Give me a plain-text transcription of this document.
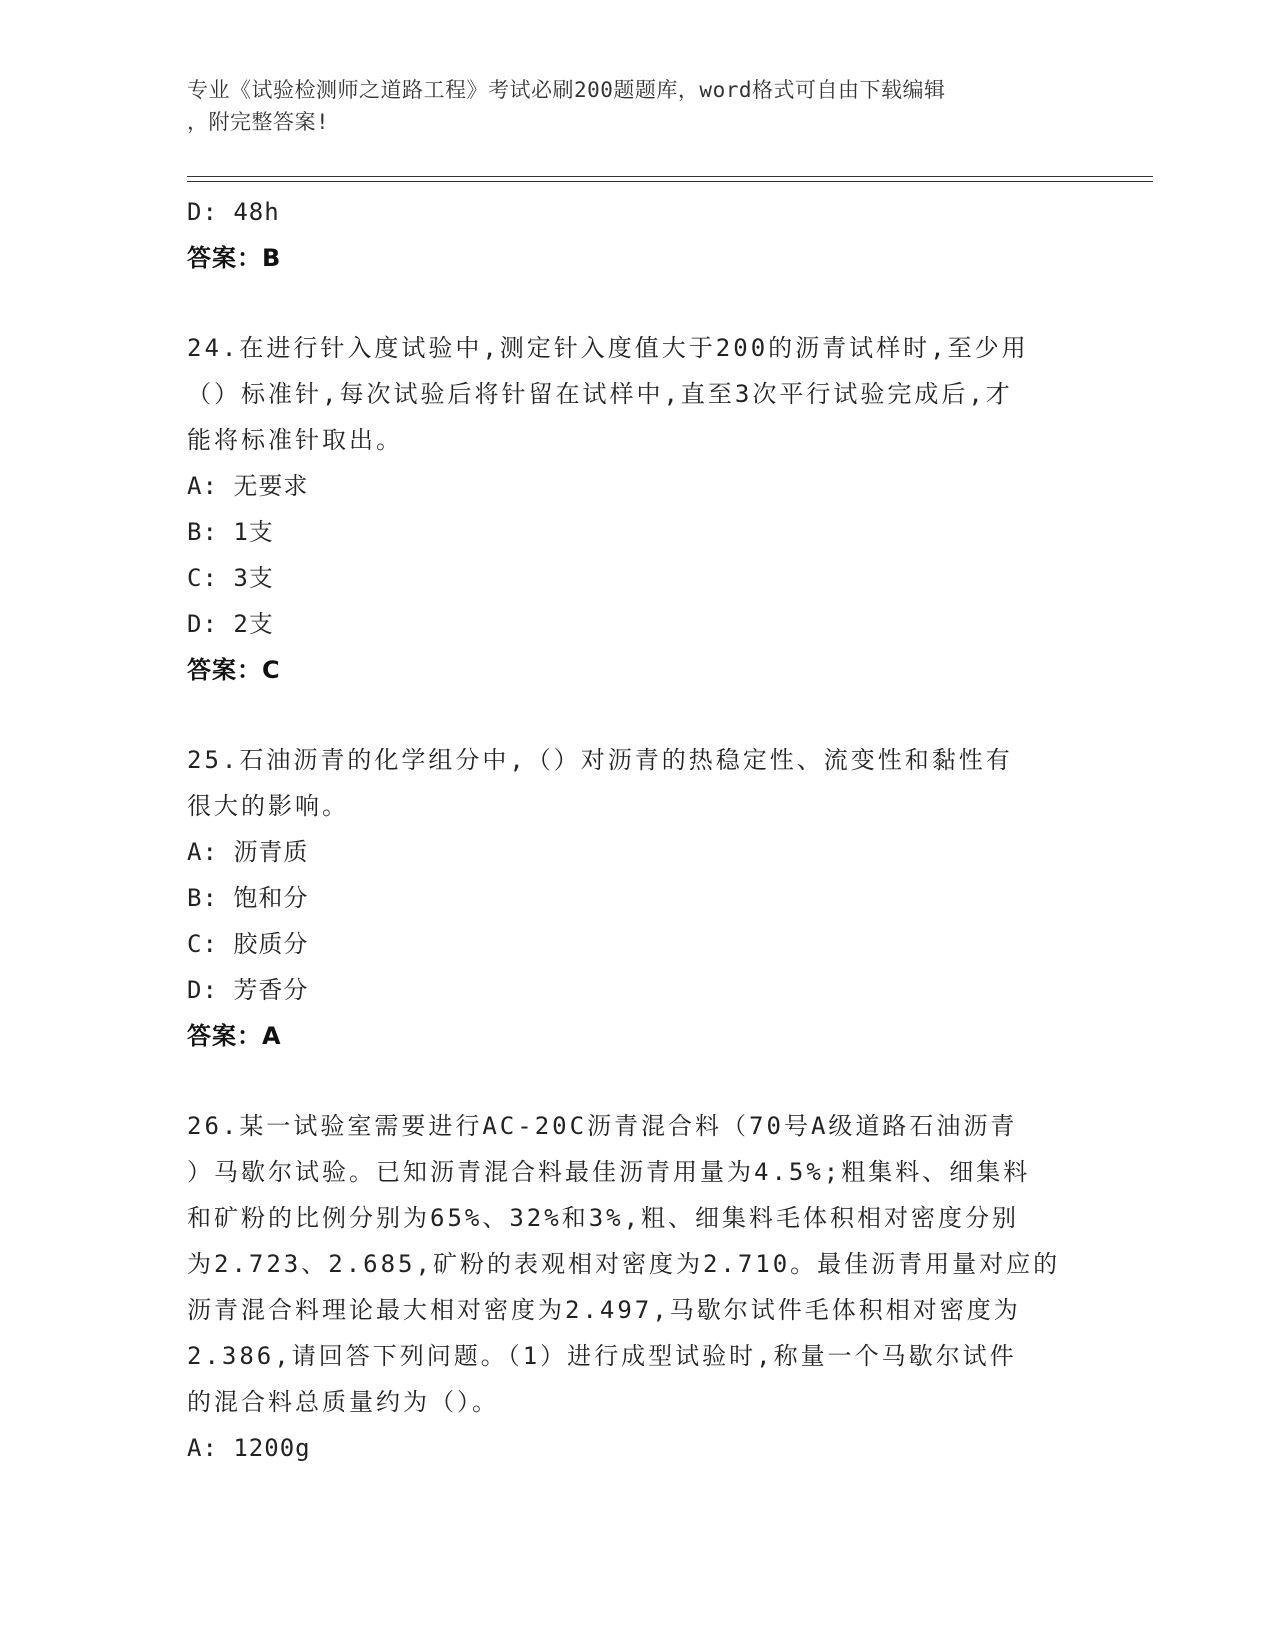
专业《试验检测师之道路工程》考试必刷200题题库，word格式可自由下载编辑
，附完整答案!
D: 48h
答案：B
24.在进行针入度试验中,测定针入度值大于200的沥青试样时,至少用
（）标准针,每次试验后将针留在试样中,直至3次平行试验完成后,才
能将标准针取出。
A: 无要求
B: 1支
C: 3支
D: 2支
答案：C
25.石油沥青的化学组分中,（）对沥青的热稳定性、流变性和黏性有
很大的影响。
A: 沥青质
B: 饱和分
C: 胶质分
D: 芳香分
答案：A
26.某一试验室需要进行AC-20C沥青混合料（70号A级道路石油沥青
）马歇尔试验。已知沥青混合料最佳沥青用量为4.5%;粗集料、细集料
和矿粉的比例分别为65%、32%和3%,粗、细集料毛体积相对密度分别
为2.723、2.685,矿粉的表观相对密度为2.710。最佳沥青用量对应的
沥青混合料理论最大相对密度为2.497,马歇尔试件毛体积相对密度为
2.386,请回答下列问题。（1）进行成型试验时,称量一个马歇尔试件
的混合料总质量约为（）。
A: 1200g
